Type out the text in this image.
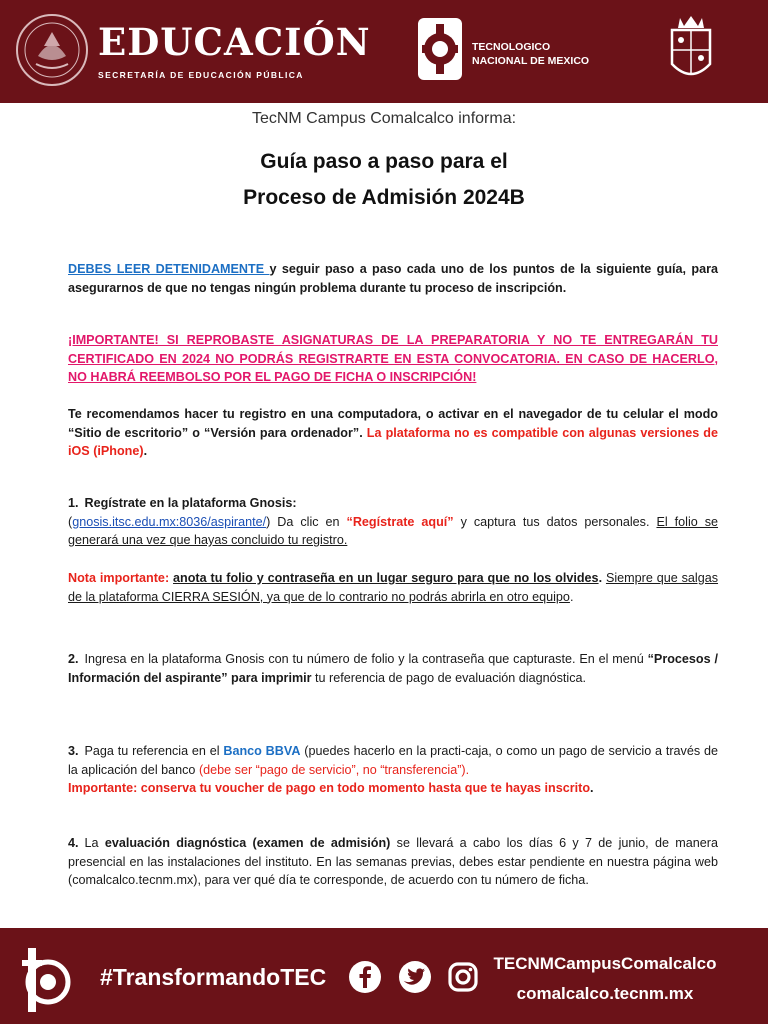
EDUCACIÓN
SECRETARÍA DE EDUCACIÓN PÚBLICA
TECNOLOGICO
NACIONAL DE MEXICO
TecNM Campus Comalcalco informa:
Guía paso a paso para el
Proceso de Admisión 2024B

DEBES LEER DETENIDAMENTE y seguir paso a paso cada uno de los puntos de la siguiente guía, para asegurarnos de que no tengas ningún problema durante tu proceso de inscripción.

¡IMPORTANTE! SI REPROBASTE ASIGNATURAS DE LA PREPARATORIA Y NO TE ENTREGARÁN TU CERTIFICADO EN 2024 NO PODRÁS REGISTRARTE EN ESTA CONVOCATORIA. EN CASO DE HACERLO, NO HABRÁ REEMBOLSO POR EL PAGO DE FICHA O INSCRIPCIÓN!

Te recomendamos hacer tu registro en una computadora, o activar en el navegador de tu celular el modo “Sitio de escritorio” o “Versión para ordenador”. La plataforma no es compatible con algunas versiones de iOS (iPhone).

1. Regístrate en la plataforma Gnosis:
(gnosis.itsc.edu.mx:8036/aspirante/) Da clic en “Regístrate aquí” y captura tus datos personales. El folio se generará una vez que hayas concluido tu registro.

Nota importante: anota tu folio y contraseña en un lugar seguro para que no los olvides. Siempre que salgas de la plataforma CIERRA SESIÓN, ya que de lo contrario no podrás abrirla en otro equipo.

2. Ingresa en la plataforma Gnosis con tu número de folio y la contraseña que capturaste. En el menú “Procesos / Información del aspirante” para imprimir tu referencia de pago de evaluación diagnóstica.

3. Paga tu referencia en el Banco BBVA (puedes hacerlo en la practi-caja, o como un pago de servicio a través de la aplicación del banco (debe ser “pago de servicio”, no “transferencia”).
Importante: conserva tu voucher de pago en todo momento hasta que te hayas inscrito.

4. La evaluación diagnóstica (examen de admisión) se llevará a cabo los días 6 y 7 de junio, de manera presencial en las instalaciones del instituto. En las semanas previas, debes estar pendiente en nuestra página web (comalcalco.tecnm.mx), para ver qué día te corresponde, de acuerdo con tu número de ficha.

#TransformandoTEC
TECNMCampusComalcalco
comalcalco.tecnm.mx
